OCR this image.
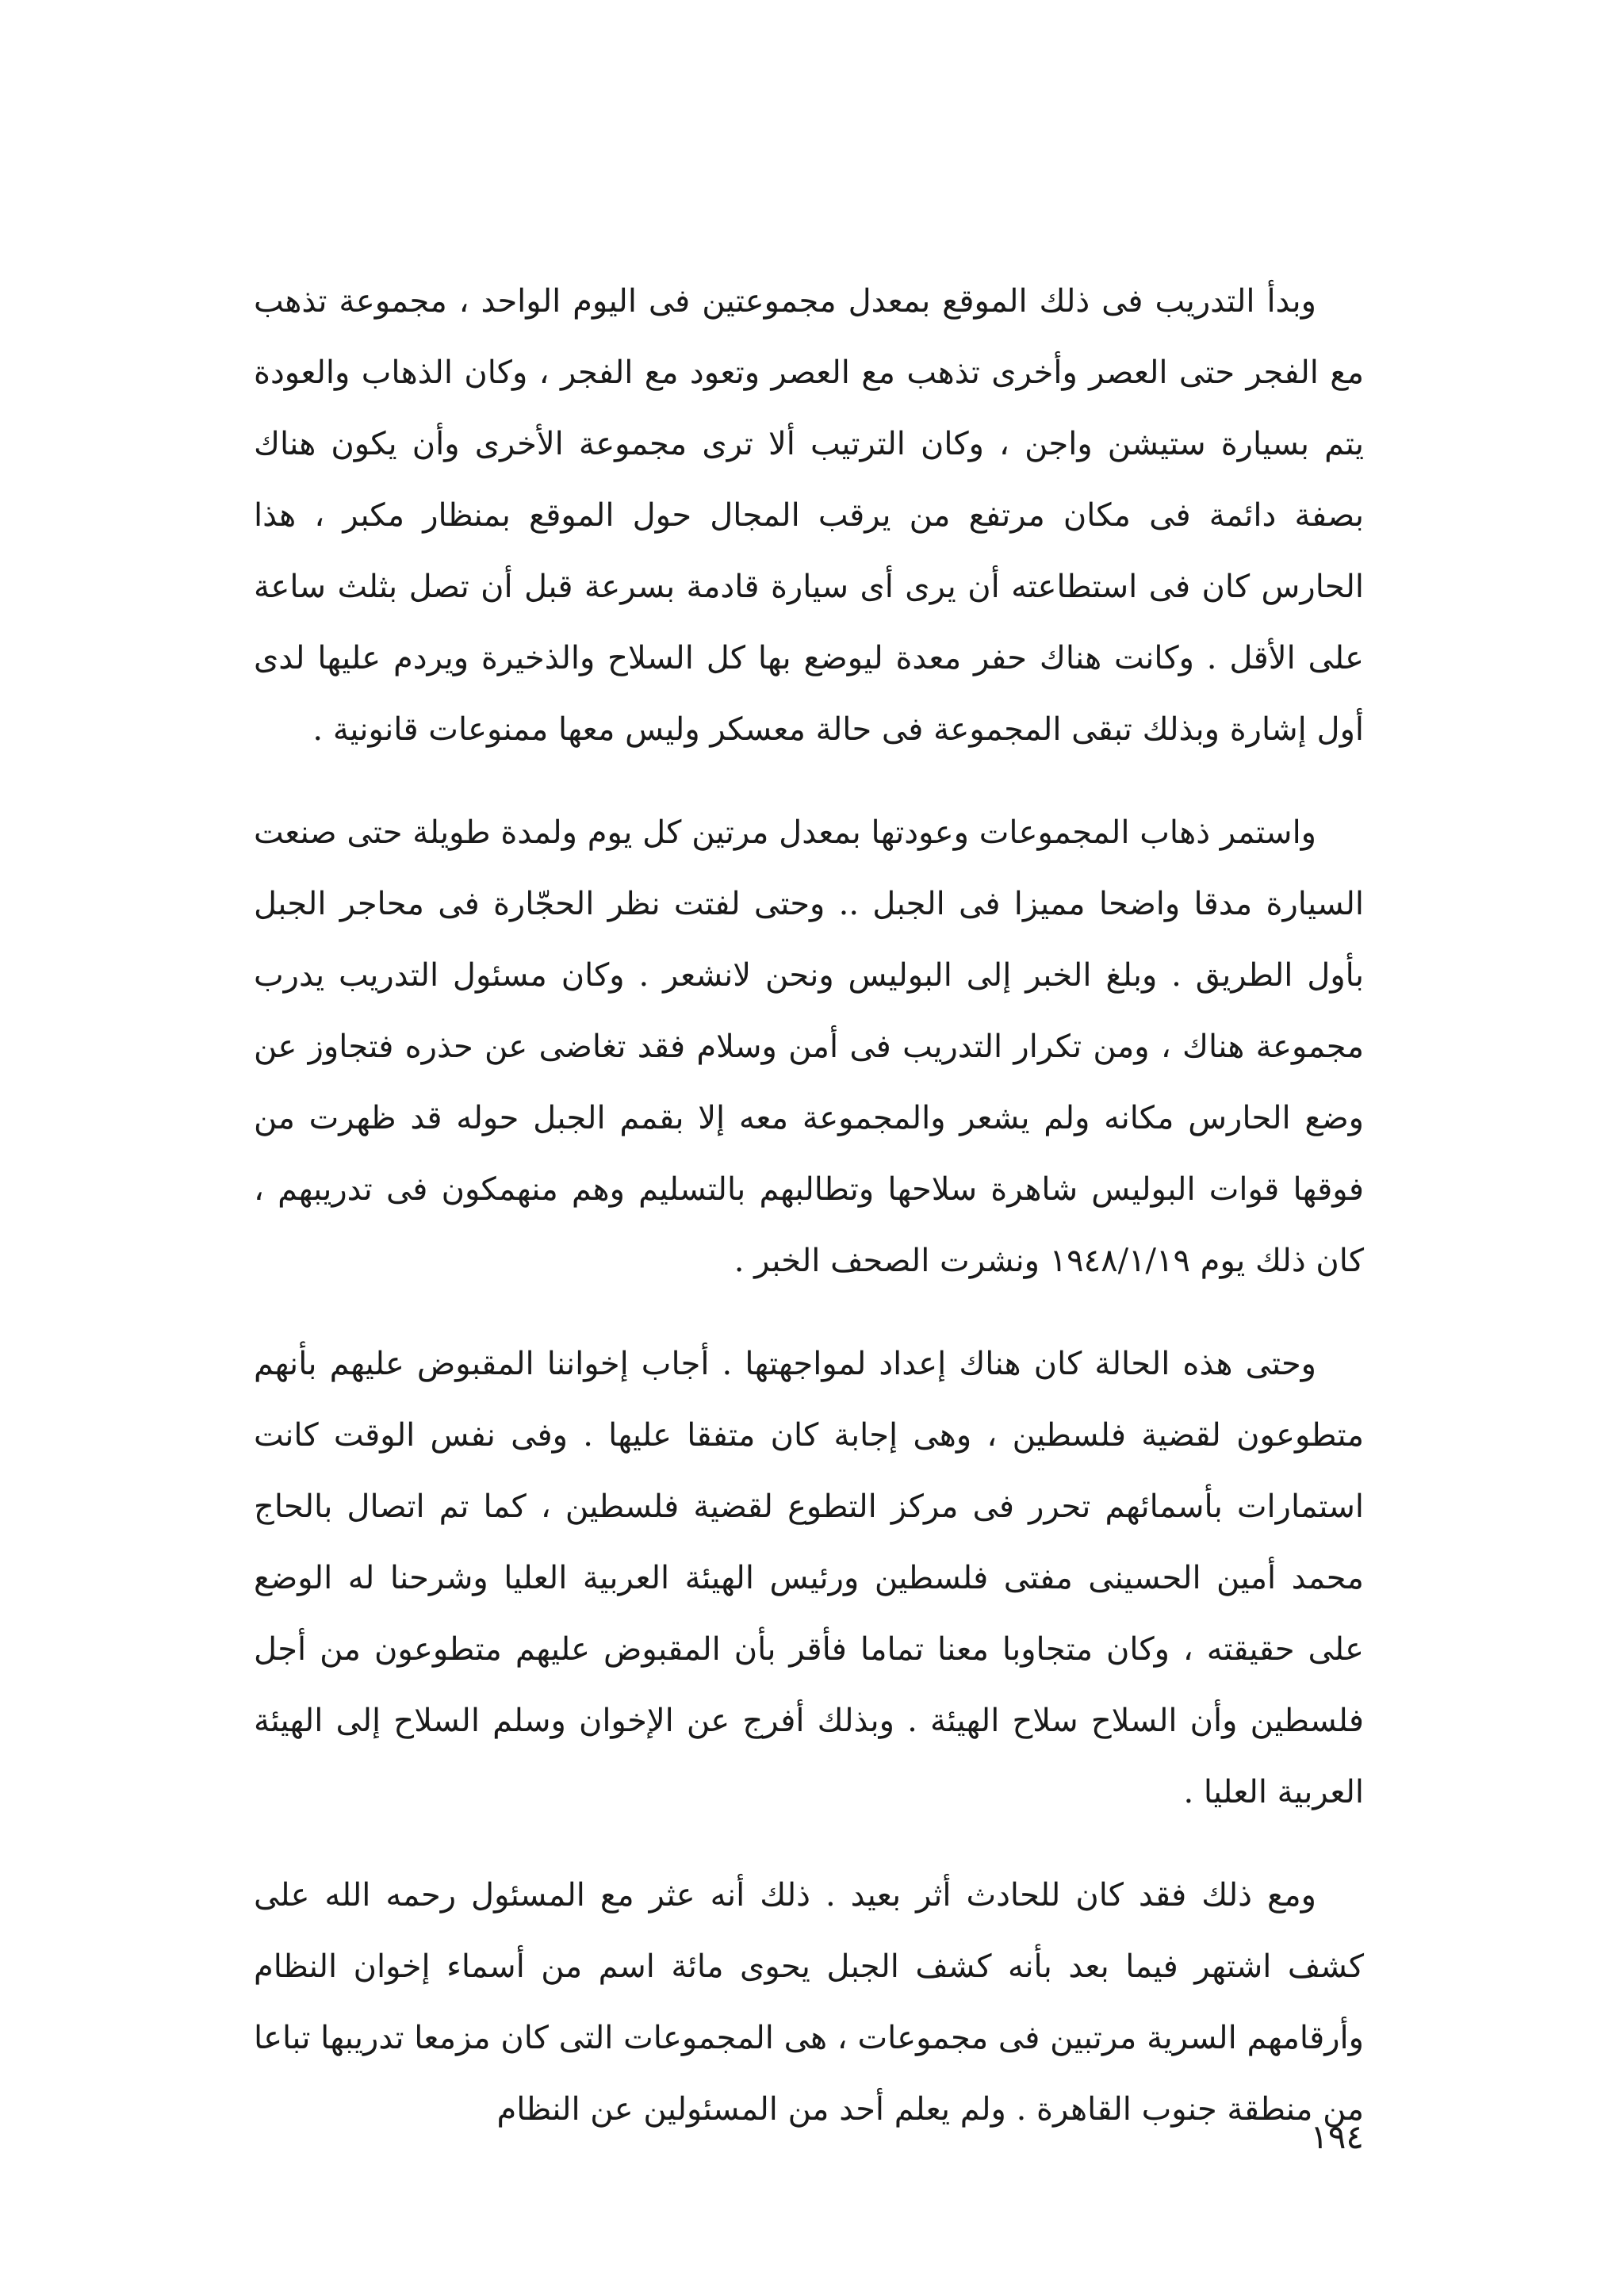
وبدأ التدريب فى ذلك الموقع بمعدل مجموعتين فى اليوم الواحد ، مجموعة تذهب مع الفجر حتى العصر وأخرى تذهب مع العصر وتعود مع الفجر ، وكان الذهاب والعودة يتم بسيارة ستيشن واجن ، وكان الترتيب ألا ترى مجموعة الأخرى وأن يكون هناك بصفة دائمة فى مكان مرتفع من يرقب المجال حول الموقع بمنظار مكبر ، هذا الحارس كان فى استطاعته أن يرى أى سيارة قادمة بسرعة قبل أن تصل بثلث ساعة على الأقل . وكانت هناك حفر معدة ليوضع بها كل السلاح والذخيرة ويردم عليها لدى أول إشارة وبذلك تبقى المجموعة فى حالة معسكر وليس معها ممنوعات قانونية .

واستمر ذهاب المجموعات وعودتها بمعدل مرتين كل يوم ولمدة طويلة حتى صنعت السيارة مدقا واضحا مميزا فى الجبل .. وحتى لفتت نظر الحجّارة فى محاجر الجبل بأول الطريق . وبلغ الخبر إلى البوليس ونحن لانشعر . وكان مسئول التدريب يدرب مجموعة هناك ، ومن تكرار التدريب فى أمن وسلام فقد تغاضى عن حذره فتجاوز عن وضع الحارس مكانه ولم يشعر والمجموعة معه إلا بقمم الجبل حوله قد ظهرت من فوقها قوات البوليس شاهرة سلاحها وتطالبهم بالتسليم وهم منهمكون فى تدريبهم ، كان ذلك يوم ١٩٤٨/١/١٩ ونشرت الصحف الخبر .

وحتى هذه الحالة كان هناك إعداد لمواجهتها . أجاب إخواننا المقبوض عليهم بأنهم متطوعون لقضية فلسطين ، وهى إجابة كان متفقا عليها . وفى نفس الوقت كانت استمارات بأسمائهم تحرر فى مركز التطوع لقضية فلسطين ، كما تم اتصال بالحاج محمد أمين الحسينى مفتى فلسطين ورئيس الهيئة العربية العليا وشرحنا له الوضع على حقيقته ، وكان متجاوبا معنا تماما فأقر بأن المقبوض عليهم متطوعون من أجل فلسطين وأن السلاح سلاح الهيئة . وبذلك أفرج عن الإخوان وسلم السلاح إلى الهيئة العربية العليا .

ومع ذلك فقد كان للحادث أثر بعيد . ذلك أنه عثر مع المسئول رحمه الله على كشف اشتهر فيما بعد بأنه كشف الجبل يحوى مائة اسم من أسماء إخوان النظام وأرقامهم السرية مرتبين فى مجموعات ، هى المجموعات التى كان مزمعا تدريبها تباعا من منطقة جنوب القاهرة . ولم يعلم أحد من المسئولين عن النظام

١٩٤
